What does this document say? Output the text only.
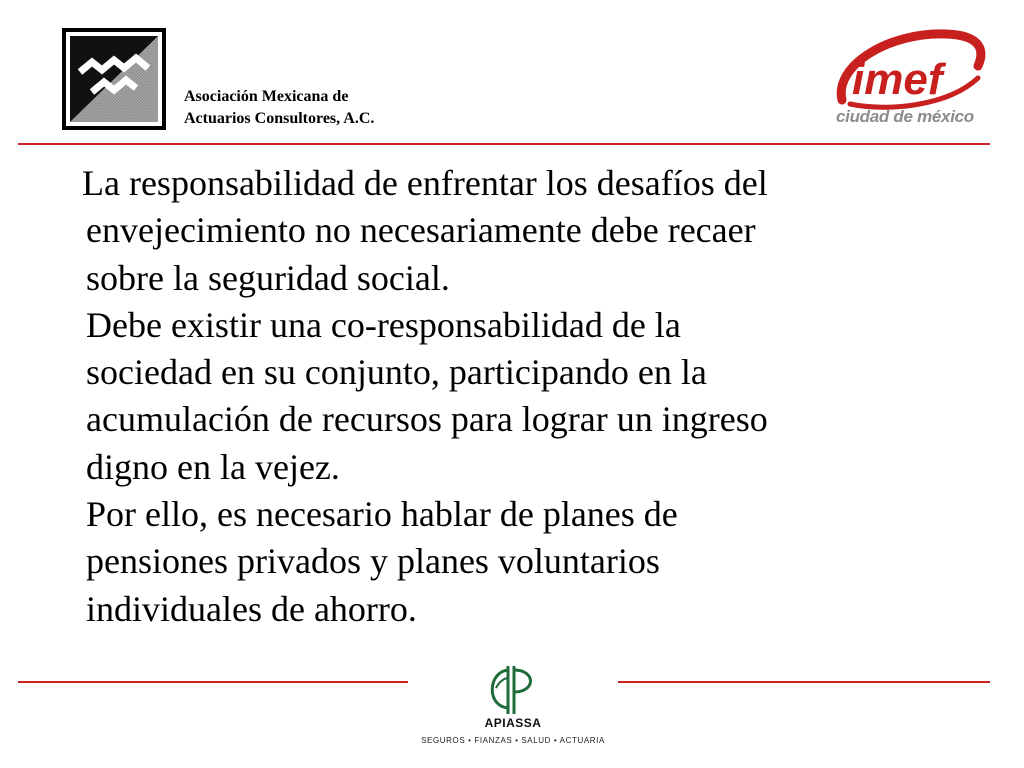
Asociación Mexicana de
Actuarios Consultores, A.C.
imef
ciudad de méxico

La responsabilidad de enfrentar los desafíos del

envejecimiento no necesariamente debe recaer

sobre la seguridad social.

Debe existir una co-responsabilidad de la

sociedad en su conjunto, participando en la

acumulación de recursos para lograr un ingreso

digno en la vejez.

Por ello, es necesario hablar de planes de

pensiones privados y planes voluntarios

individuales de ahorro.

APIASSA
SEGUROS • FIANZAS • SALUD • ACTUARIA
